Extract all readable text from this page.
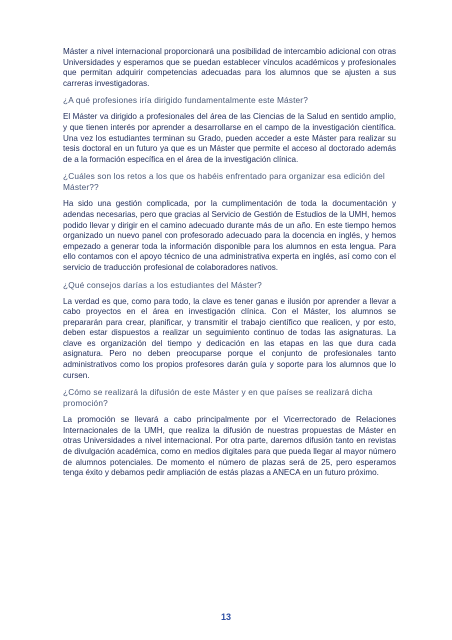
Máster a nivel internacional proporcionará una posibilidad de intercambio adicional con otras Universidades y esperamos que se puedan establecer vínculos académicos y profesionales que permitan adquirir competencias adecuadas para los alumnos que se ajusten a sus carreras investigadoras.

¿A qué profesiones iría dirigido fundamentalmente este Máster?

El Máster va dirigido a profesionales del área de las Ciencias de la Salud en sentido amplio, y que tienen interés por aprender a desarrollarse en el campo de la investigación científica. Una vez los estudiantes terminan su Grado, pueden acceder a este Máster para realizar su tesis doctoral en un futuro ya que es un Máster que permite el acceso al doctorado además de a la formación específica en el área de la investigación clínica.

¿Cuáles son los retos a los que os habéis enfrentado para organizar esa edición del Máster??

Ha sido una gestión complicada, por la cumplimentación de toda la documentación y adendas necesarias, pero que gracias al Servicio de Gestión de Estudios de la UMH, hemos podido llevar y dirigir en el camino adecuado durante más de un año. En este tiempo hemos organizado un nuevo panel con profesorado adecuado para la docencia en inglés, y hemos empezado a generar toda la información disponible para los alumnos en esta lengua. Para ello contamos con el apoyo técnico de una administrativa experta en inglés, así como con el servicio de traducción profesional de colaboradores nativos.

¿Qué consejos darías a los estudiantes del Máster?

La verdad es que, como para todo, la clave es tener ganas e ilusión por aprender a llevar a cabo proyectos en el área en investigación clínica. Con el Máster, los alumnos se prepararán para crear, planificar, y transmitir el trabajo científico que realicen, y por esto, deben estar dispuestos a realizar un seguimiento continuo de todas las asignaturas. La clave es organización del tiempo y dedicación en las etapas en las que dura cada asignatura. Pero no deben preocuparse porque el conjunto de profesionales tanto administrativos como los propios profesores darán guía y soporte para los alumnos que lo cursen.

¿Cómo se realizará la difusión de este Máster y en que países se realizará dicha promoción?

La promoción se llevará a cabo principalmente por el Vicerrectorado de Relaciones Internacionales de la UMH, que realiza la difusión de nuestras propuestas de Máster en otras Universidades a nivel internacional. Por otra parte, daremos difusión tanto en revistas de divulgación académica, como en medios digitales para que pueda llegar al mayor número de alumnos potenciales. De momento el número de plazas será de 25, pero esperamos tenga éxito y debamos pedir ampliación de estás plazas a ANECA en un futuro próximo.

13
